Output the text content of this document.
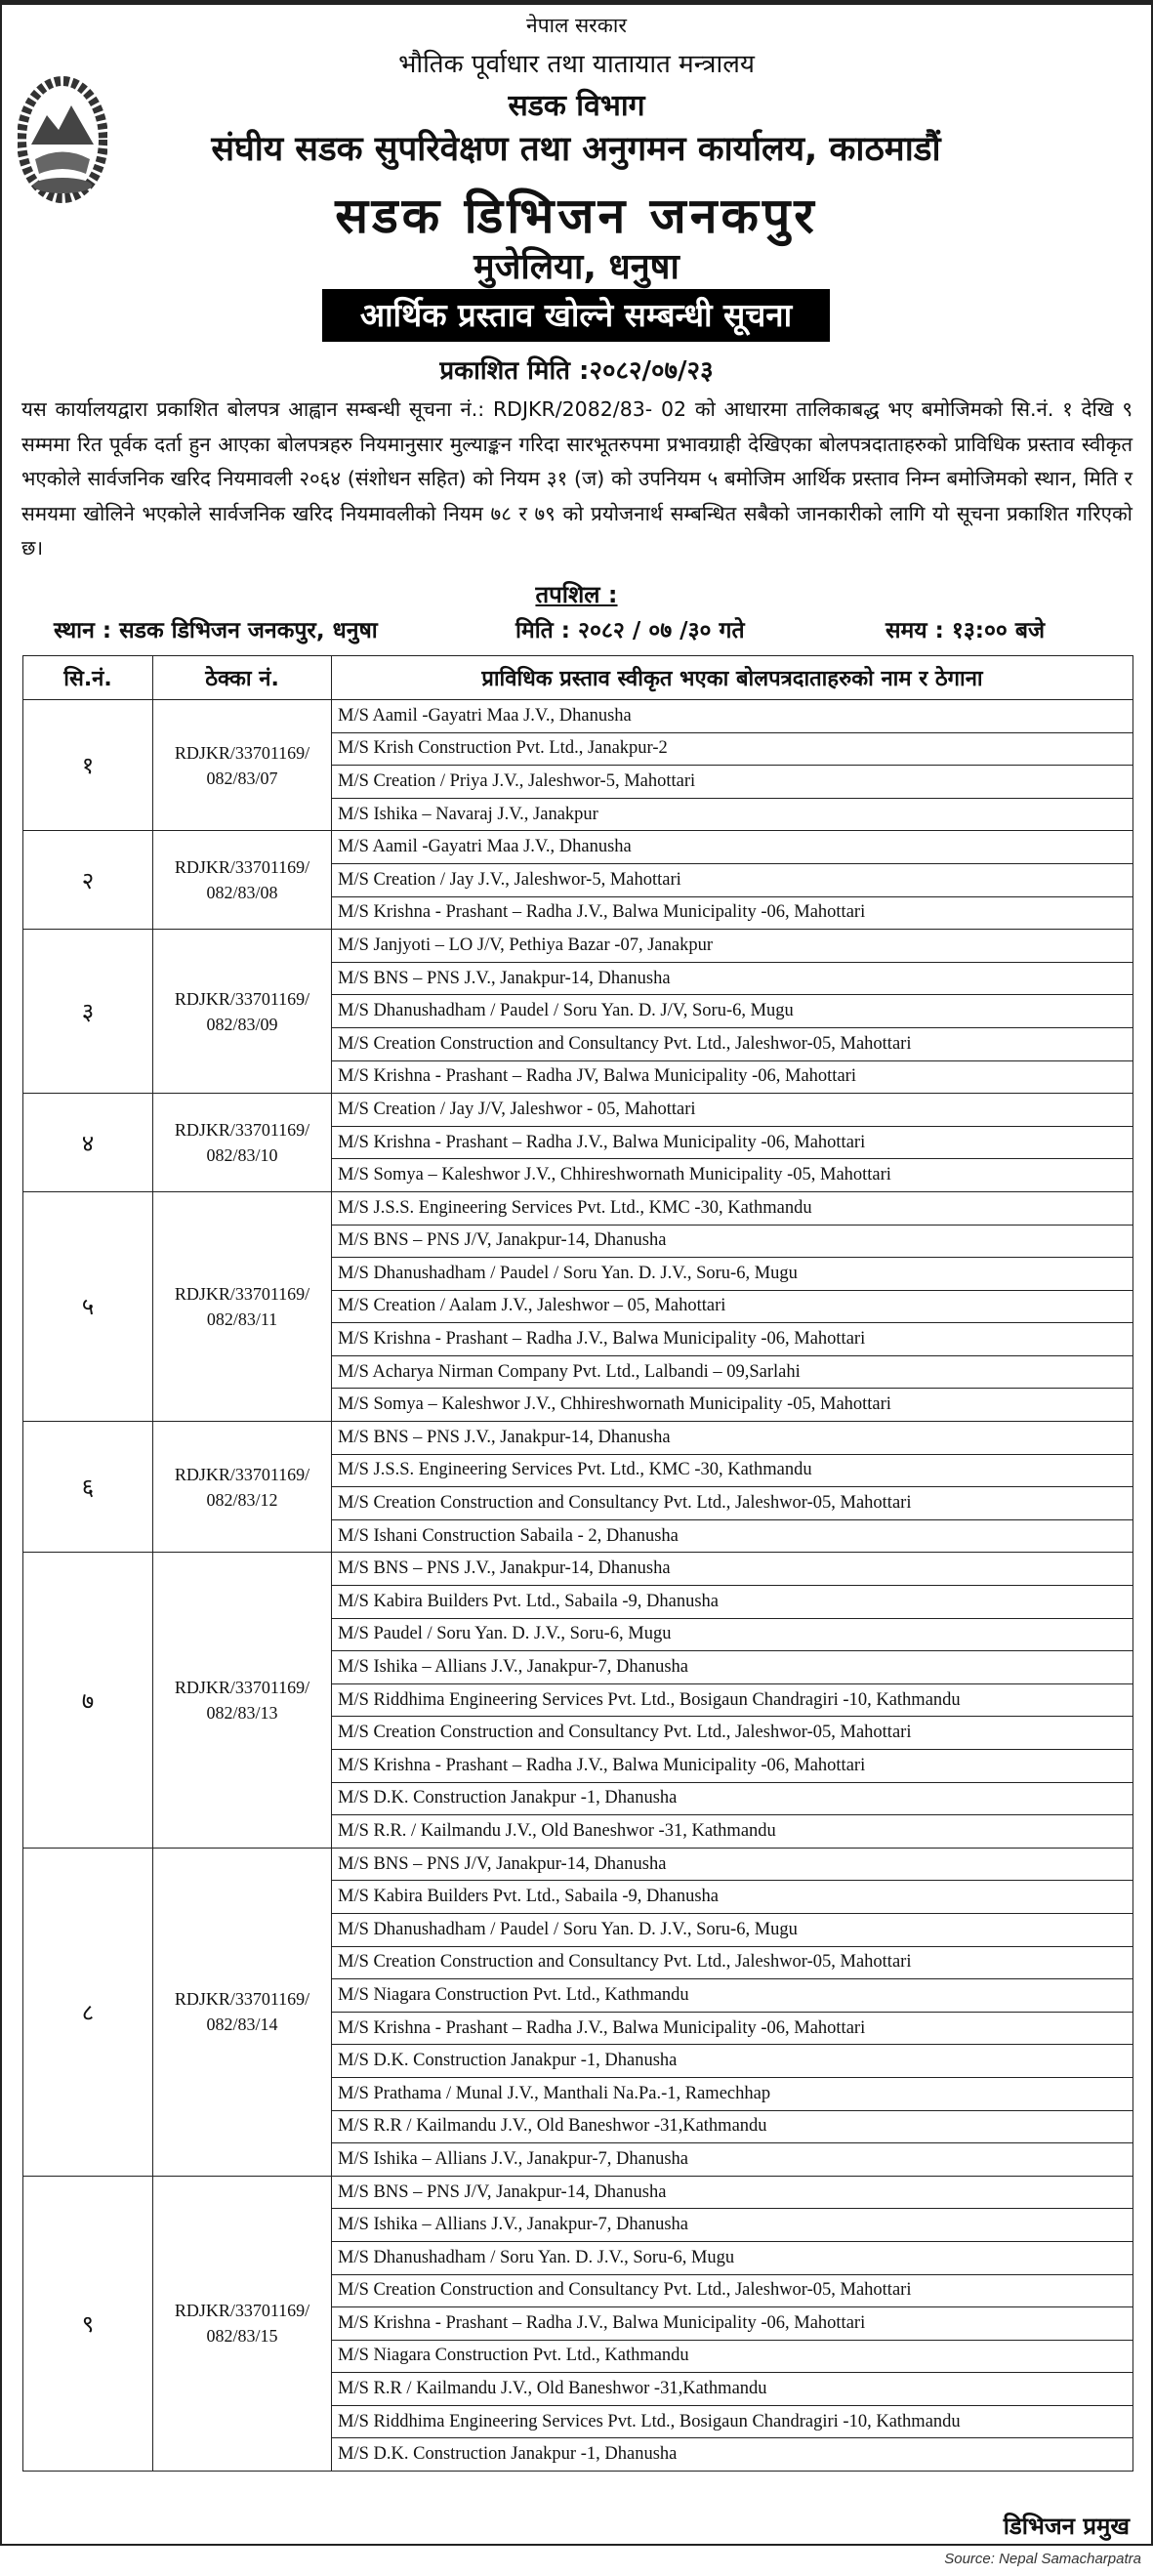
नेपाल सरकार
भौतिक पूर्वाधार तथा यातायात मन्त्रालय
सडक विभाग
संघीय सडक सुपरिवेक्षण तथा अनुगमन कार्यालय, काठमाडौं
सडक डिभिजन जनकपुर
मुजेलिया, धनुषा
आर्थिक प्रस्ताव खोल्ने सम्बन्धी सूचना
प्रकाशित मिति :२०८२/०७/२३
यस कार्यालयद्वारा प्रकाशित बोलपत्र आह्वान सम्बन्धी सूचना नं.: RDJKR/2082/83- 02 को आधारमा तालिकाबद्ध भए बमोजिमको सि.नं. १ देखि ९ सम्ममा रित पूर्वक दर्ता हुन आएका बोलपत्रहरु नियमानुसार मुल्याङ्कन गरिदा सारभूतरुपमा प्रभावग्राही देखिएका बोलपत्रदाताहरुको प्राविधिक प्रस्ताव स्वीकृत भएकोले सार्वजनिक खरिद नियमावली २०६४ (संशोधन सहित) को नियम ३१ (ज) को उपनियम ५ बमोजिम आर्थिक प्रस्ताव निम्न बमोजिमको स्थान, मिति र समयमा खोलिने भएकोले सार्वजनिक खरिद नियमावलीको नियम ७८ र ७९ को प्रयोजनार्थ सम्बन्धित सबैको जानकारीको लागि यो सूचना प्रकाशित गरिएको छ।
तपशिल :
स्थान : सडक डिभिजन जनकपुर, धनुषा	मिति : २०८२ / ०७ /३० गते	समय : १३:०० बजे
सि.नं.	ठेक्का नं.	प्राविधिक प्रस्ताव स्वीकृत भएका बोलपत्रदाताहरुको नाम र ठेगाना
१	RDJKR/33701169/ 082/83/07	M/S Aamil -Gayatri Maa J.V., Dhanusha
		M/S Krish Construction Pvt. Ltd., Janakpur-2
		M/S Creation / Priya J.V., Jaleshwor-5, Mahottari
		M/S Ishika – Navaraj J.V., Janakpur
२	RDJKR/33701169/ 082/83/08	M/S Aamil -Gayatri Maa J.V., Dhanusha
		M/S Creation / Jay J.V., Jaleshwor-5, Mahottari
		M/S Krishna - Prashant – Radha J.V., Balwa Municipality -06, Mahottari
३	RDJKR/33701169/ 082/83/09	M/S Janjyoti – LO J/V, Pethiya Bazar -07, Janakpur
		M/S BNS – PNS J.V., Janakpur-14, Dhanusha
		M/S Dhanushadham / Paudel / Soru Yan. D. J/V, Soru-6, Mugu
		M/S Creation Construction and Consultancy Pvt. Ltd., Jaleshwor-05, Mahottari
		M/S Krishna - Prashant – Radha JV, Balwa Municipality -06, Mahottari
४	RDJKR/33701169/ 082/83/10	M/S Creation / Jay J/V, Jaleshwor - 05, Mahottari
		M/S Krishna - Prashant – Radha J.V., Balwa Municipality -06, Mahottari
		M/S Somya – Kaleshwor J.V., Chhireshwornath Municipality -05, Mahottari
५	RDJKR/33701169/ 082/83/11	M/S J.S.S. Engineering Services Pvt. Ltd., KMC -30, Kathmandu
		M/S BNS – PNS J/V, Janakpur-14, Dhanusha
		M/S Dhanushadham / Paudel / Soru Yan. D. J.V., Soru-6, Mugu
		M/S Creation / Aalam J.V., Jaleshwor – 05, Mahottari
		M/S Krishna - Prashant – Radha J.V., Balwa Municipality -06, Mahottari
		M/S Acharya Nirman Company Pvt. Ltd., Lalbandi – 09,Sarlahi
		M/S Somya – Kaleshwor J.V., Chhireshwornath Municipality -05, Mahottari
६	RDJKR/33701169/ 082/83/12	M/S BNS – PNS J.V., Janakpur-14, Dhanusha
		M/S J.S.S. Engineering Services Pvt. Ltd., KMC -30, Kathmandu
		M/S Creation Construction and Consultancy Pvt. Ltd., Jaleshwor-05, Mahottari
		M/S Ishani Construction Sabaila - 2, Dhanusha
७	RDJKR/33701169/ 082/83/13	M/S BNS – PNS J.V., Janakpur-14, Dhanusha
		M/S Kabira Builders Pvt. Ltd., Sabaila -9, Dhanusha
		M/S Paudel / Soru Yan. D. J.V., Soru-6, Mugu
		M/S Ishika – Allians J.V., Janakpur-7, Dhanusha
		M/S Riddhima Engineering Services Pvt. Ltd., Bosigaun Chandragiri -10, Kathmandu
		M/S Creation Construction and Consultancy Pvt. Ltd., Jaleshwor-05, Mahottari
		M/S Krishna - Prashant – Radha J.V., Balwa Municipality -06, Mahottari
		M/S D.K. Construction Janakpur -1, Dhanusha
		M/S R.R. / Kailmandu J.V., Old Baneshwor -31, Kathmandu
८	RDJKR/33701169/ 082/83/14	M/S BNS – PNS J/V, Janakpur-14, Dhanusha
		M/S Kabira Builders Pvt. Ltd., Sabaila -9, Dhanusha
		M/S Dhanushadham / Paudel / Soru Yan. D. J.V., Soru-6, Mugu
		M/S Creation Construction and Consultancy Pvt. Ltd., Jaleshwor-05, Mahottari
		M/S Niagara Construction Pvt. Ltd., Kathmandu
		M/S Krishna - Prashant – Radha J.V., Balwa Municipality -06, Mahottari
		M/S D.K. Construction Janakpur -1, Dhanusha
		M/S Prathama / Munal J.V., Manthali Na.Pa.-1, Ramechhap
		M/S R.R / Kailmandu J.V., Old Baneshwor -31,Kathmandu
		M/S Ishika – Allians J.V., Janakpur-7, Dhanusha
९	RDJKR/33701169/ 082/83/15	M/S BNS – PNS J/V, Janakpur-14, Dhanusha
		M/S Ishika – Allians J.V., Janakpur-7, Dhanusha
		M/S Dhanushadham / Soru Yan. D. J.V., Soru-6, Mugu
		M/S Creation Construction and Consultancy Pvt. Ltd., Jaleshwor-05, Mahottari
		M/S Krishna - Prashant – Radha J.V., Balwa Municipality -06, Mahottari
		M/S Niagara Construction Pvt. Ltd., Kathmandu
		M/S R.R / Kailmandu J.V., Old Baneshwor -31,Kathmandu
		M/S Riddhima Engineering Services Pvt. Ltd., Bosigaun Chandragiri -10, Kathmandu
		M/S D.K. Construction Janakpur -1, Dhanusha
डिभिजन प्रमुख
Source: Nepal Samacharpatra
